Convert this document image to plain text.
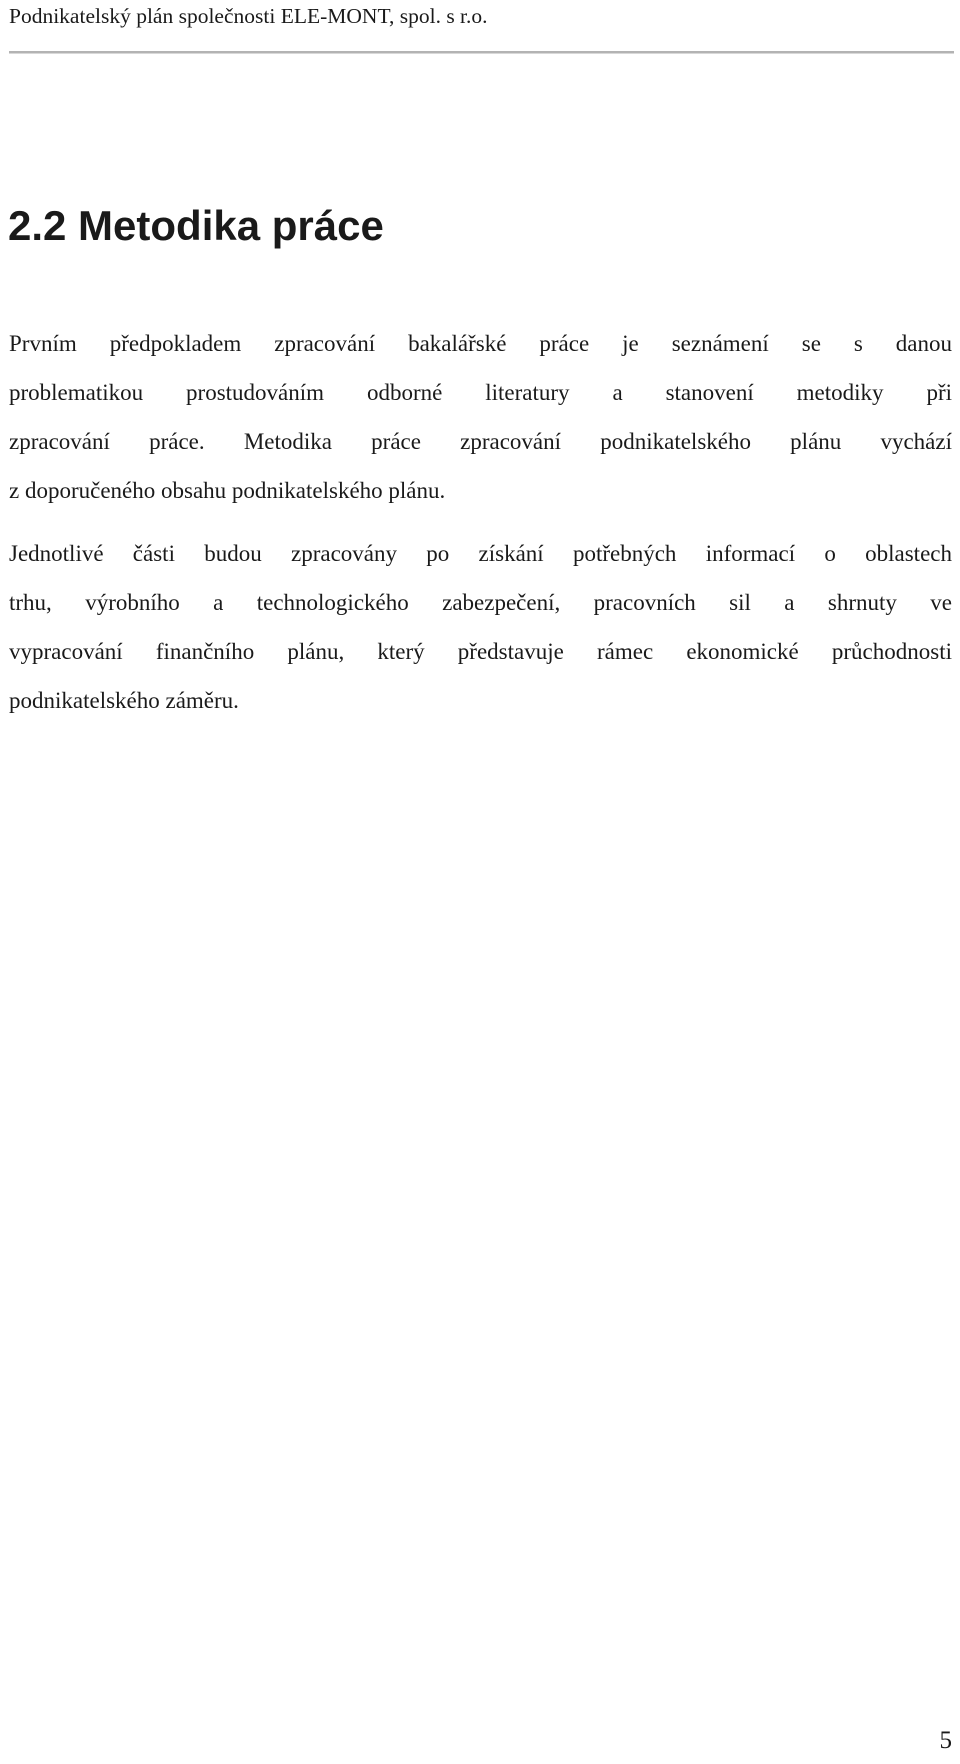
Podnikatelský plán společnosti ELE-MONT, spol. s r.o.
2.2 Metodika práce
Prvním předpokladem zpracování bakalářské práce je seznámení se s danou
problematikou prostudováním odborné literatury a stanovení metodiky při
zpracování práce. Metodika práce zpracování podnikatelského plánu vychází
z doporučeného obsahu podnikatelského plánu.
Jednotlivé části budou zpracovány po získání potřebných informací o oblastech
trhu, výrobního a technologického zabezpečení, pracovních sil a shrnuty ve
vypracování finančního plánu, který představuje rámec ekonomické průchodnosti
podnikatelského záměru.
5
